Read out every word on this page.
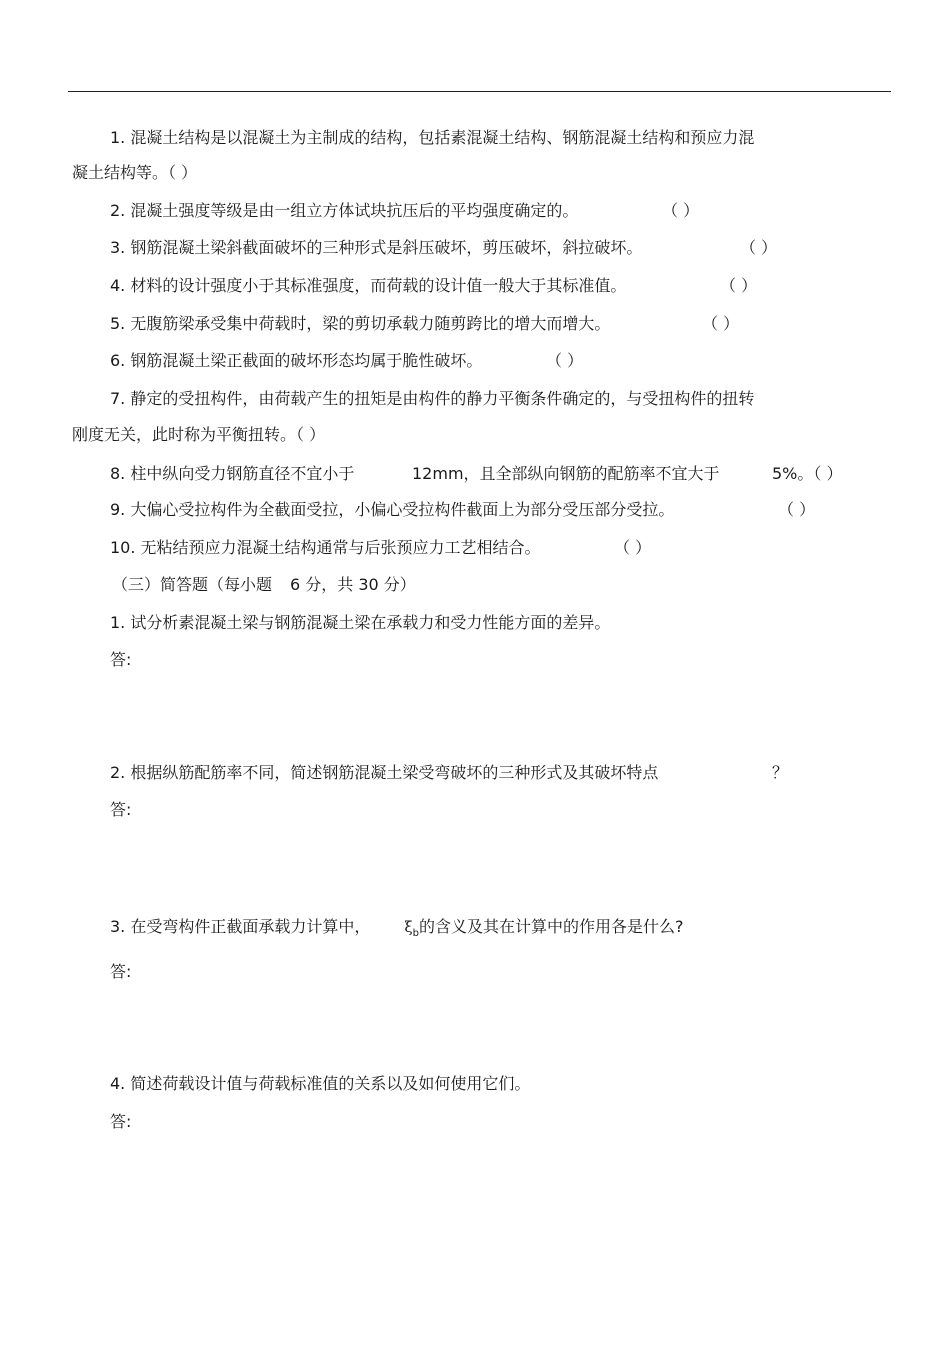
1. 混凝土结构是以混凝土为主制成的结构，包括素混凝土结构、钢筋混凝土结构和预应力混
凝土结构等。（ ）
2. 混凝土强度等级是由一组立方体试块抗压后的平均强度确定的。	（ ）
3. 钢筋混凝土梁斜截面破坏的三种形式是斜压破坏，剪压破坏，斜拉破坏。	（ ）
4. 材料的设计强度小于其标准强度，而荷载的设计值一般大于其标准值。	（ ）
5. 无腹筋梁承受集中荷载时，梁的剪切承载力随剪跨比的增大而增大。	（ ）
6. 钢筋混凝土梁正截面的破坏形态均属于脆性破坏。	（ ）
7. 静定的受扭构件，由荷载产生的扭矩是由构件的静力平衡条件确定的，与受扭构件的扭转
刚度无关，此时称为平衡扭转。（ ）
8. 柱中纵向受力钢筋直径不宜小于	12mm，且全部纵向钢筋的配筋率不宜大于	5%。（ ）
9. 大偏心受拉构件为全截面受拉，小偏心受拉构件截面上为部分受压部分受拉。	（ ）
10. 无粘结预应力混凝土结构通常与后张预应力工艺相结合。	（ ）
（三）简答题（每小题 6 分，共 30 分）
1. 试分析素混凝土梁与钢筋混凝土梁在承载力和受力性能方面的差异。
答:
2. 根据纵筋配筋率不同，简述钢筋混凝土梁受弯破坏的三种形式及其破坏特点	？
答:
3. 在受弯构件正截面承载力计算中， $\xi_b$的含义及其在计算中的作用各是什么?
答:
4. 简述荷载设计值与荷载标准值的关系以及如何使用它们。
答:
